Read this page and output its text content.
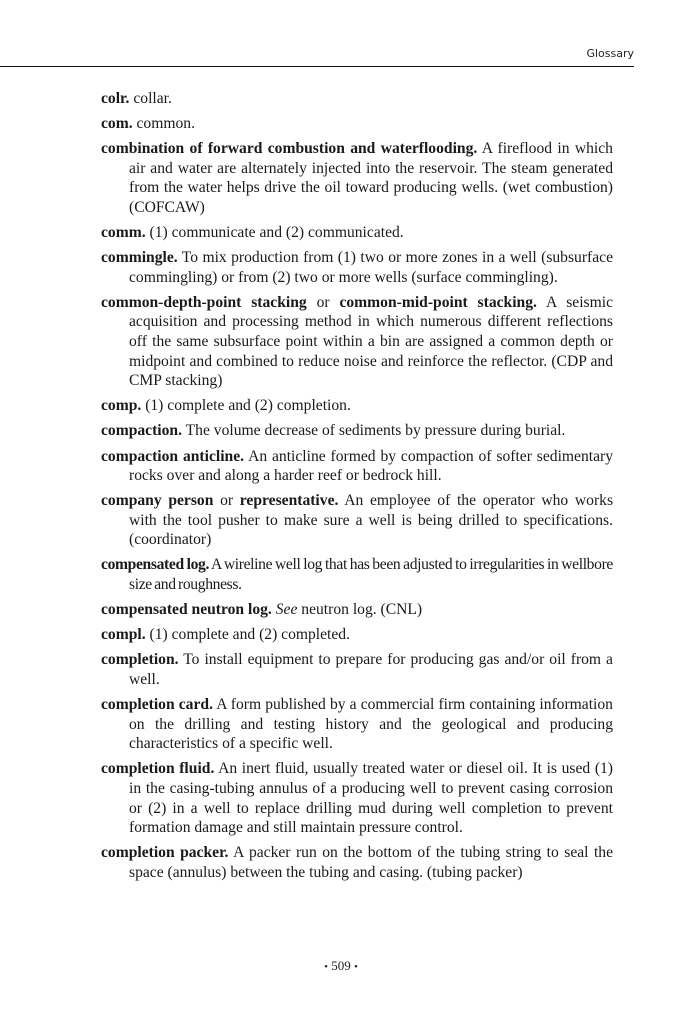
Glossary

colr. collar.

com. common.

combination of forward combustion and waterflooding. A fireflood in which air and water are alternately injected into the reservoir. The steam generated from the water helps drive the oil toward producing wells. (wet combustion) (COFCAW)

comm. (1) communicate and (2) communicated.

commingle. To mix production from (1) two or more zones in a well (subsurface commingling) or from (2) two or more wells (surface commingling).

common-depth-point stacking or common-mid-point stacking. A seismic acquisition and processing method in which numerous different reflections off the same subsurface point within a bin are assigned a common depth or midpoint and combined to reduce noise and reinforce the reflector. (CDP and CMP stacking)

comp. (1) complete and (2) completion.

compaction. The volume decrease of sediments by pressure during burial.

compaction anticline. An anticline formed by compaction of softer sedimentary rocks over and along a harder reef or bedrock hill.

company person or representative. An employee of the operator who works with the tool pusher to make sure a well is being drilled to specifications. (coordinator)

compensated log. A wireline well log that has been adjusted to irregularities in wellbore size and roughness.

compensated neutron log. See neutron log. (CNL)

compl. (1) complete and (2) completed.

completion. To install equipment to prepare for producing gas and/or oil from a well.

completion card. A form published by a commercial firm containing information on the drilling and testing history and the geological and producing characteristics of a specific well.

completion fluid. An inert fluid, usually treated water or diesel oil. It is used (1) in the casing-tubing annulus of a producing well to prevent casing corrosion or (2) in a well to replace drilling mud during well completion to prevent formation damage and still maintain pressure control.

completion packer. A packer run on the bottom of the tubing string to seal the space (annulus) between the tubing and casing. (tubing packer)

• 509 •
